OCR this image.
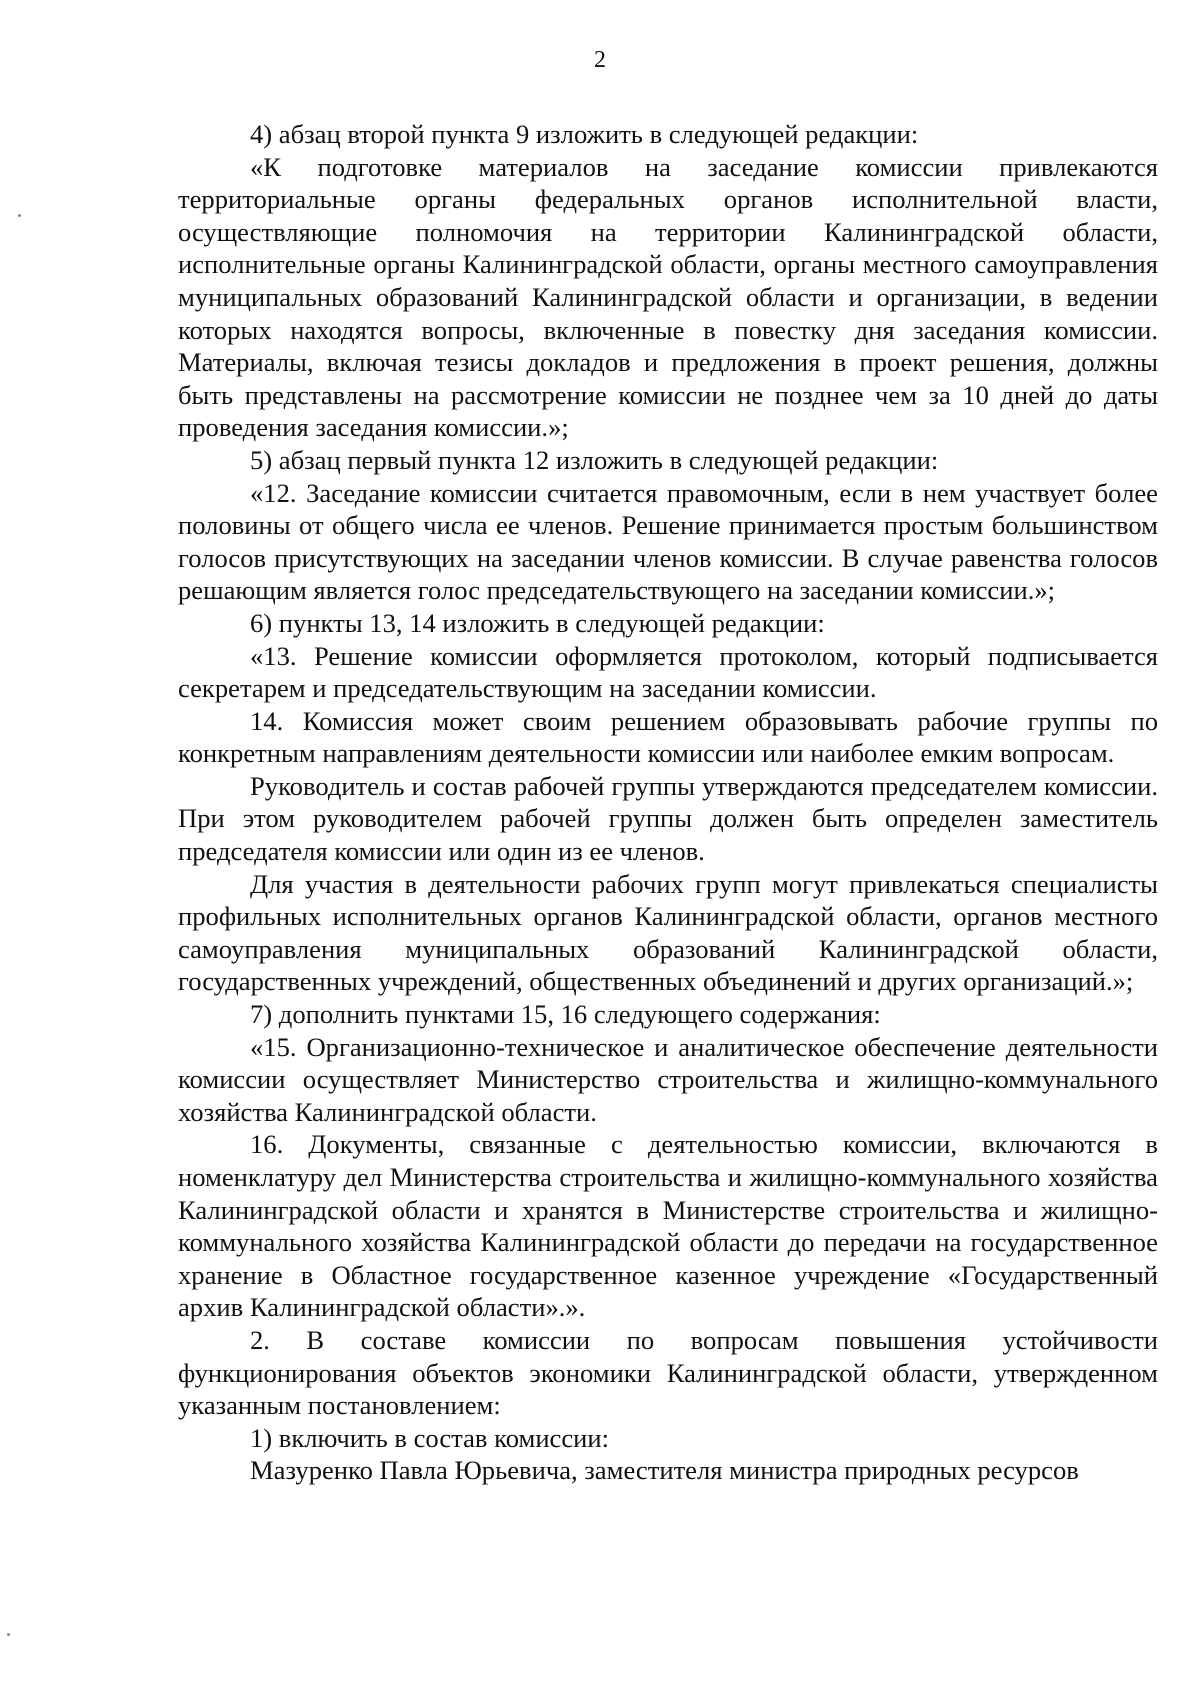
2

4) абзац второй пункта 9 изложить в следующей редакции:

«К подготовке материалов на заседание комиссии привлекаются территориальные органы федеральных органов исполнительной власти, осуществляющие полномочия на территории Калининградской области, исполнительные органы Калининградской области, органы местного самоуправления муниципальных образований Калининградской области и организации, в ведении которых находятся вопросы, включенные в повестку дня заседания комиссии. Материалы, включая тезисы докладов и предложения в проект решения, должны быть представлены на рассмотрение комиссии не позднее чем за 10 дней до даты проведения заседания комиссии.»;

5) абзац первый пункта 12 изложить в следующей редакции:

«12. Заседание комиссии считается правомочным, если в нем участвует более половины от общего числа ее членов. Решение принимается простым большинством голосов присутствующих на заседании членов комиссии. В случае равенства голосов решающим является голос председательствующего на заседании комиссии.»;

6) пункты 13, 14 изложить в следующей редакции:

«13. Решение комиссии оформляется протоколом, который подписывается секретарем и председательствующим на заседании комиссии.

14. Комиссия может своим решением образовывать рабочие группы по конкретным направлениям деятельности комиссии или наиболее емким вопросам.

Руководитель и состав рабочей группы утверждаются председателем комиссии. При этом руководителем рабочей группы должен быть определен заместитель председателя комиссии или один из ее членов.

Для участия в деятельности рабочих групп могут привлекаться специалисты профильных исполнительных органов Калининградской области, органов местного самоуправления муниципальных образований Калининградской области, государственных учреждений, общественных объединений и других организаций.»;

7) дополнить пунктами 15, 16 следующего содержания:

«15. Организационно-техническое и аналитическое обеспечение деятельности комиссии осуществляет Министерство строительства и жилищно-коммунального хозяйства Калининградской области.

16. Документы, связанные с деятельностью комиссии, включаются в номенклатуру дел Министерства строительства и жилищно-коммунального хозяйства Калининградской области и хранятся в Министерстве строительства и жилищно-коммунального хозяйства Калининградской области до передачи на государственное хранение в Областное государственное казенное учреждение «Государственный архив Калининградской области».».

2. В составе комиссии по вопросам повышения устойчивости функционирования объектов экономики Калининградской области, утвержденном указанным постановлением:

1) включить в состав комиссии:

Мазуренко Павла Юрьевича, заместителя министра природных ресурсов
